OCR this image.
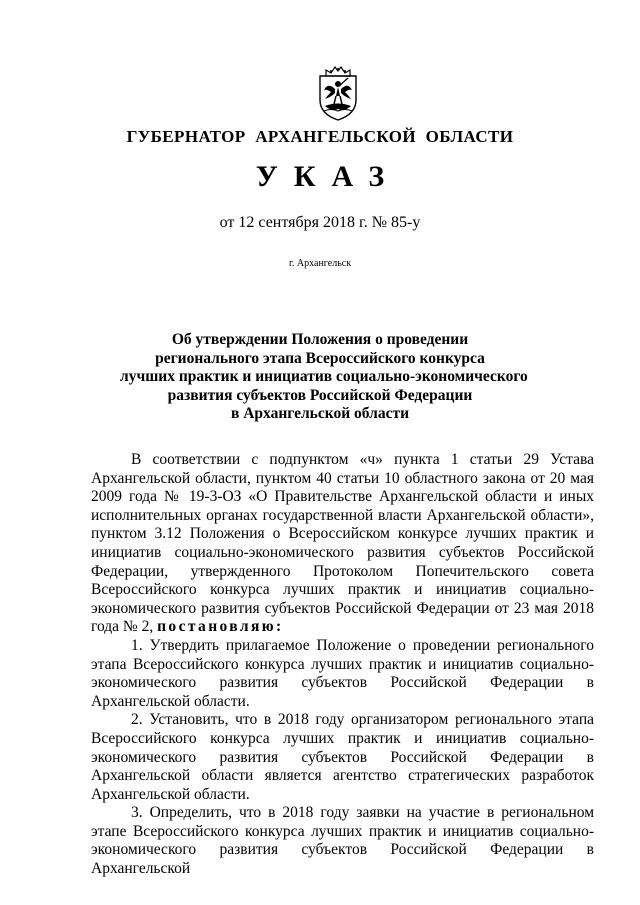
ГУБЕРНАТОР АРХАНГЕЛЬСКОЙ ОБЛАСТИ
УКАЗ
от 12 сентября 2018 г. № 85-у
г. Архангельск
Об утверждении Положения о проведении
регионального этапа Всероссийского конкурса
лучших практик и инициатив социально-экономического
развития субъектов Российской Федерации
в Архангельской области

В соответствии с подпунктом «ч» пункта 1 статьи 29 Устава Архангельской области, пунктом 40 статьи 10 областного закона от 20 мая 2009 года № 19-3-ОЗ «О Правительстве Архангельской области и иных исполнительных органах государственной власти Архангельской области», пунктом 3.12 Положения о Всероссийском конкурсе лучших практик и инициатив социально-экономического развития субъектов Российской Федерации, утвержденного Протоколом Попечительского совета Всероссийского конкурса лучших практик и инициатив социально-экономического развития субъектов Российской Федерации от 23 мая 2018 года № 2, постановляю:

1. Утвердить прилагаемое Положение о проведении регионального этапа Всероссийского конкурса лучших практик и инициатив социально-экономического развития субъектов Российской Федерации в Архангельской области.

2. Установить, что в 2018 году организатором регионального этапа Всероссийского конкурса лучших практик и инициатив социально-экономического развития субъектов Российской Федерации в Архангельской области является агентство стратегических разработок Архангельской области.

3. Определить, что в 2018 году заявки на участие в региональном этапе Всероссийского конкурса лучших практик и инициатив социально-экономического развития субъектов Российской Федерации в Архангельской
